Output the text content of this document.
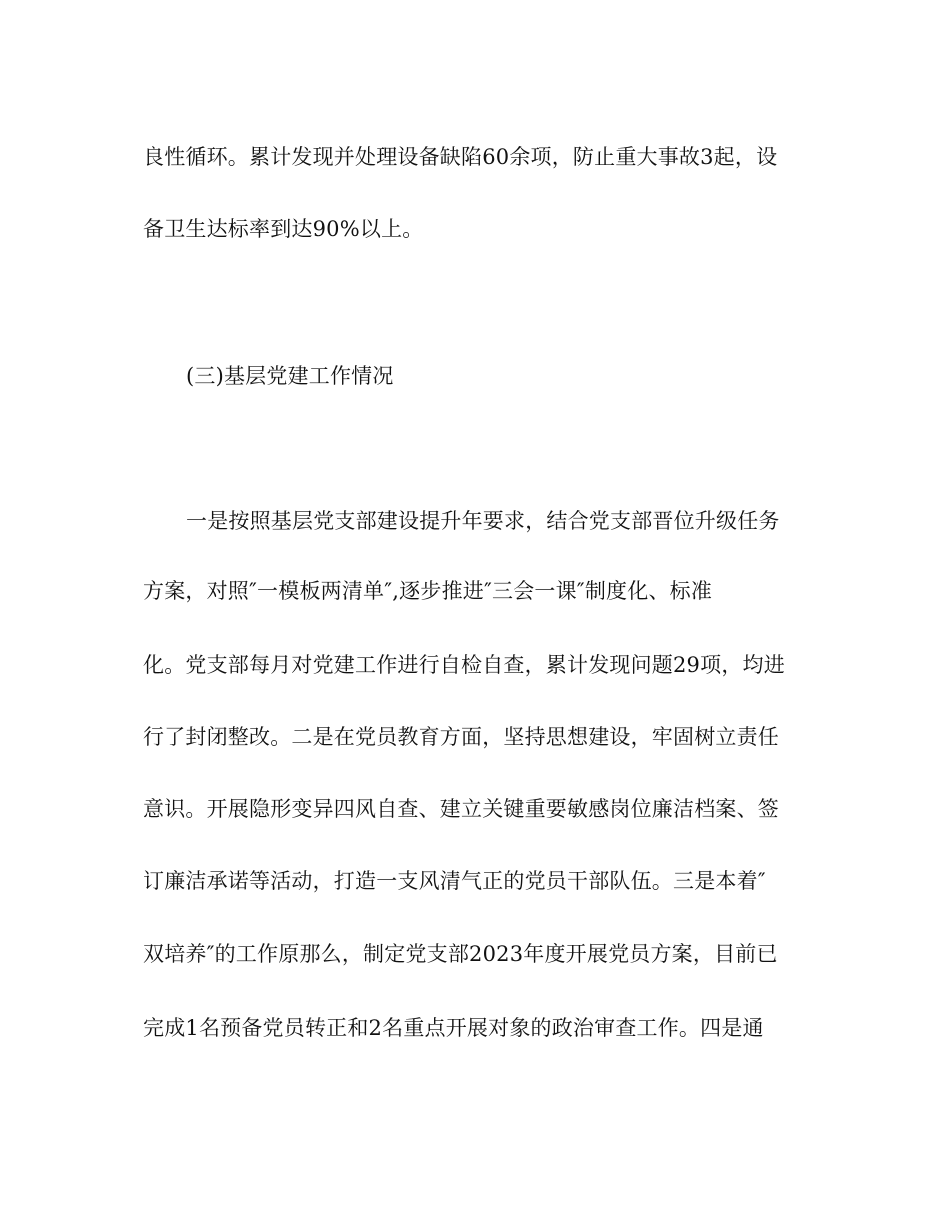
良性循环。累计发现并处理设备缺陷60余项，防止重大事故3起，设
备卫生达标率到达90%以上。
(三)基层党建工作情况
一是按照基层党支部建设提升年要求，结合党支部晋位升级任务
方案，对照″一模板两清单″,逐步推进″三会一课″制度化、标准
化。党支部每月对党建工作进行自检自查，累计发现问题29项，均进
行了封闭整改。二是在党员教育方面，坚持思想建设，牢固树立责任
意识。开展隐形变异四风自查、建立关键重要敏感岗位廉洁档案、签
订廉洁承诺等活动，打造一支风清气正的党员干部队伍。三是本着″
双培养″的工作原那么，制定党支部2023年度开展党员方案，目前已
完成1名预备党员转正和2名重点开展对象的政治审查工作。四是通
